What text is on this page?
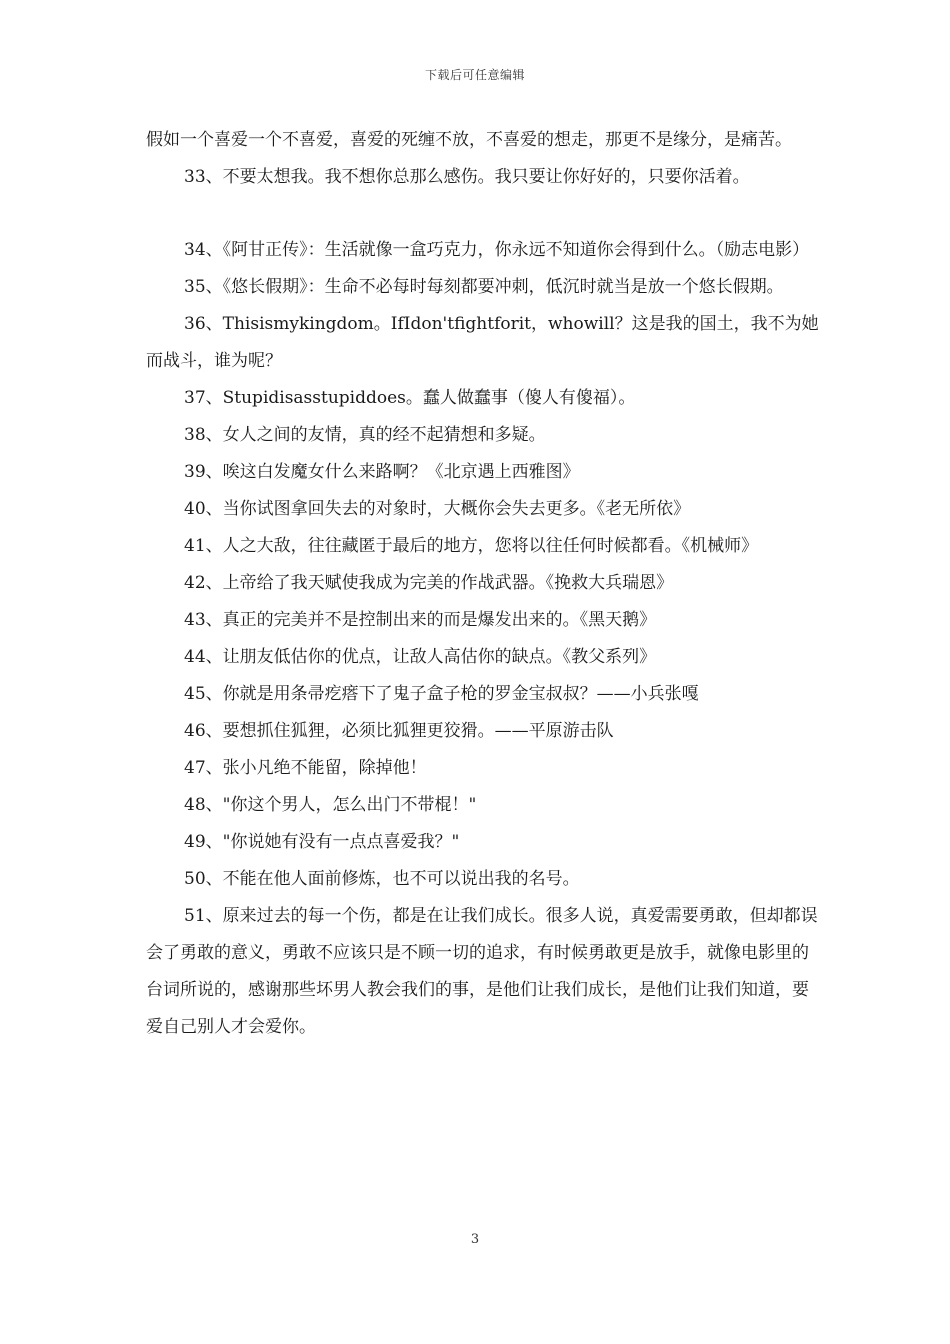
下载后可任意编辑

假如一个喜爱一个不喜爱，喜爱的死缠不放，不喜爱的想走，那更不是缘分，是痛苦。

33、不要太想我。我不想你总那么感伤。我只要让你好好的，只要你活着。

34、《阿甘正传》：生活就像一盒巧克力，你永远不知道你会得到什么。（励志电影）

35、《悠长假期》：生命不必每时每刻都要冲刺，低沉时就当是放一个悠长假期。

36、Thisismykingdom。IfIdon'tfightforit，whowill？这是我的国土，我不为她而战斗，谁为呢？

37、Stupidisasstupiddoes。蠢人做蠢事（傻人有傻福）。

38、女人之间的友情，真的经不起猜想和多疑。

39、唉这白发魔女什么来路啊？《北京遇上西雅图》

40、当你试图拿回失去的对象时，大概你会失去更多。《老无所依》

41、人之大敌，往往藏匿于最后的地方，您将以往任何时候都看。《机械师》

42、上帝给了我天赋使我成为完美的作战武器。《挽救大兵瑞恩》

43、真正的完美并不是控制出来的而是爆发出来的。《黑天鹅》

44、让朋友低估你的优点，让敌人高估你的缺点。《教父系列》

45、你就是用条帚疙瘩下了鬼子盒子枪的罗金宝叔叔？——小兵张嘎

46、要想抓住狐狸，必须比狐狸更狡猾。——平原游击队

47、张小凡绝不能留，除掉他！

48、"你这个男人，怎么出门不带棍！"

49、"你说她有没有一点点喜爱我？"

50、不能在他人面前修炼，也不可以说出我的名号。

51、原来过去的每一个伤，都是在让我们成长。很多人说，真爱需要勇敢，但却都误会了勇敢的意义，勇敢不应该只是不顾一切的追求，有时候勇敢更是放手，就像电影里的台词所说的，感谢那些坏男人教会我们的事，是他们让我们成长，是他们让我们知道，要爱自己别人才会爱你。

3
